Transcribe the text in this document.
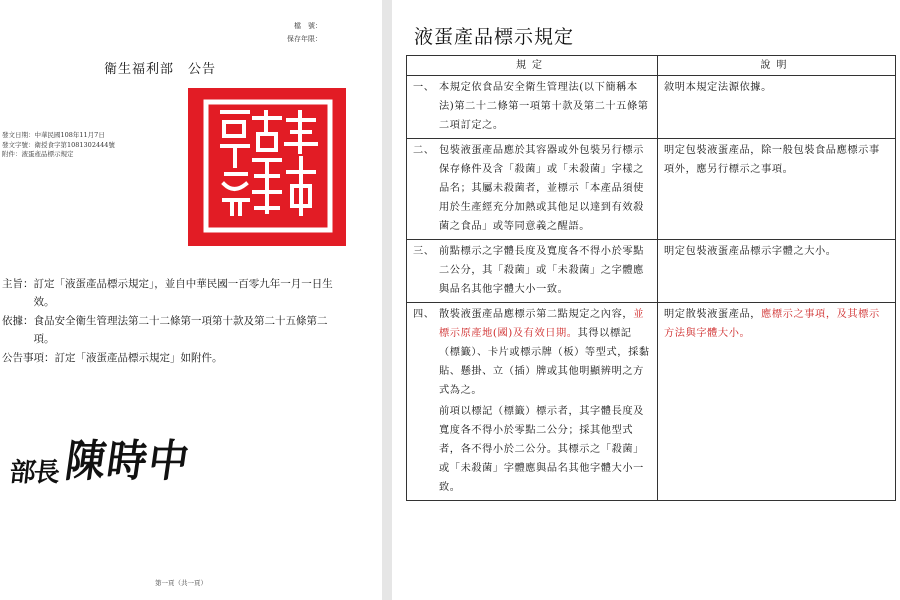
檔　號 ：
保存年限 ：
衛生福利部 公告
發文日期：中華民國108年11月7日
發文字號：衛授食字第1081302444號
附件：液蛋產品標示規定
主旨： 訂定「液蛋產品標示規定」，並自中華民國一百零九年一月一日生效。
依據： 食品安全衛生管理法第二十二條第一項第十款及第二十五條第二項。
公告事項： 訂定「液蛋產品標示規定」如附件。
部長 陳時中
第一頁（共一頁）
液蛋產品標示規定
規定	說明

一、 本規定依食品安全衛生管理法(以下簡稱本法)第二十二條第一項第十款及第二十五條第二項訂定之。	敘明本規定法源依據。

二、 包裝液蛋產品應於其容器或外包裝另行標示保存條件及含「殺菌」或「未殺菌」字樣之品名；其屬未殺菌者，並標示「本產品須使用於生產經充分加熱或其他足以達到有效殺菌之食品」或等同意義之醒語。	明定包裝液蛋產品，除一般包裝食品應標示事項外，應另行標示之事項。

三、 前點標示之字體長度及寬度各不得小於零點二公分，其「殺菌」或「未殺菌」之字體應與品名其他字體大小一致。	明定包裝液蛋產品標示字體之大小。

四、 散裝液蛋產品應標示第二點規定之內容，並標示原產地(國)及有效日期。其得以標記（標籤）、卡片或標示牌（板）等型式，採黏貼、懸掛、立（插）牌或其他明顯辨明之方式為之。

前項以標記（標籤）標示者，其字體長度及寬度各不得小於零點二公分；採其他型式者，各不得小於二公分。其標示之「殺菌」或「未殺菌」字體應與品名其他字體大小一致。	明定散裝液蛋產品，應標示之事項，及其標示方法與字體大小。
